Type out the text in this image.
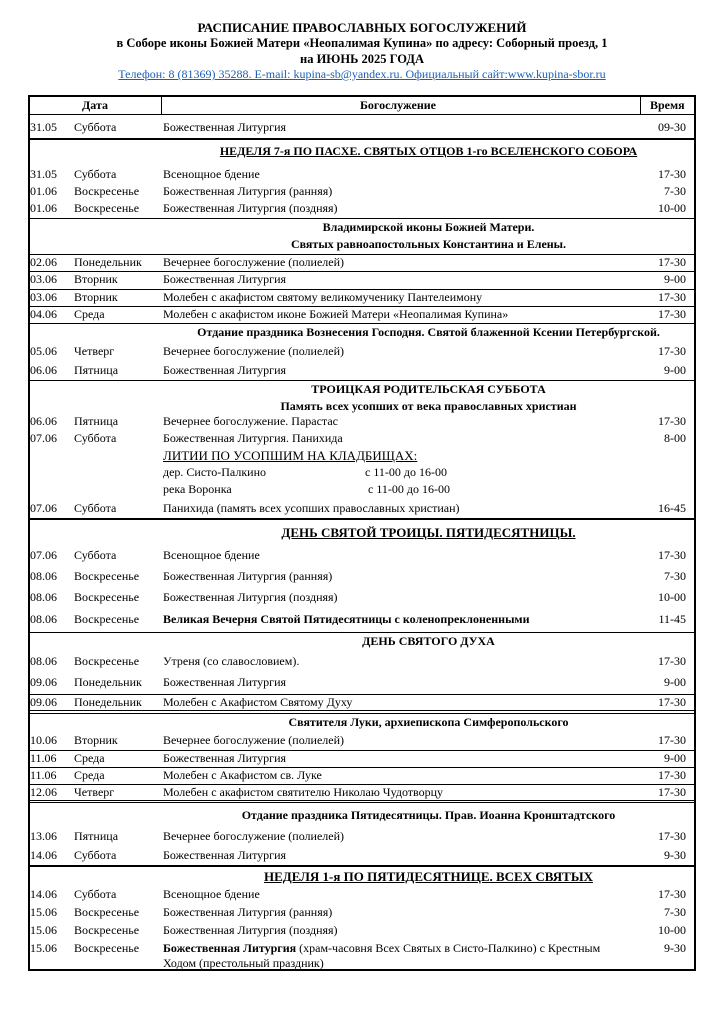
РАСПИСАНИЕ ПРАВОСЛАВНЫХ БОГОСЛУЖЕНИЙ
в Соборе иконы Божией Матери «Неопалимая Купина» по адресу: Соборный проезд, 1
на ИЮНЬ 2025 ГОДА
Телефон: 8 (81369) 35288. E-mail: kupina-sb@yandex.ru. Официальный сайт:www.kupina-sbor.ru
Дата	Богослужение	Время
31.05 Суббота	Божественная Литургия	09-30
НЕДЕЛЯ 7-я ПО ПАСХЕ. СВЯТЫХ ОТЦОВ 1-го ВСЕЛЕНСКОГО СОБОРА
31.05 Суббота	Всенощное бдение	17-30
01.06 Воскресенье Божественная Литургия (ранняя)	7-30
01.06 Воскресенье Божественная Литургия (поздняя)	10-00
Владимирской иконы Божией Матери.
Святых равноапостольных Константина и Елены.
02.06 Понедельник Вечернее богослужение (полиелей)	17-30
03.06 Вторник	Божественная Литургия	9-00
03.06 Вторник	Молебен с акафистом святому великомученику Пантелеимону	17-30
04.06 Среда	Молебен с акафистом иконе Божией Матери «Неопалимая Купина»	17-30
Отдание праздника Вознесения Господня. Святой блаженной Ксении Петербургской.
05.06 Четверг	Вечернее богослужение (полиелей)	17-30
06.06 Пятница	Божественная Литургия	9-00
ТРОИЦКАЯ РОДИТЕЛЬСКАЯ СУББОТА
Память всех усопших от века православных христиан
06.06 Пятница	Вечернее богослужение. Парастас	17-30
07.06 Суббота	Божественная Литургия. Панихида	8-00
ЛИТИИ ПО УСОПШИМ НА КЛАДБИЩАХ:
дер. Систо-Палкино	с 11-00 до 16-00
река Воронка	с 11-00 до 16-00
07.06 Суббота	Панихида (память всех усопших православных христиан)	16-45
ДЕНЬ СВЯТОЙ ТРОИЦЫ. ПЯТИДЕСЯТНИЦЫ.
07.06 Суббота	Всенощное бдение	17-30
08.06 Воскресенье Божественная Литургия (ранняя)	7-30
08.06 Воскресенье Божественная Литургия (поздняя)	10-00
08.06 Воскресенье Великая Вечерня Святой Пятидесятницы с коленопреклоненными	11-45
ДЕНЬ СВЯТОГО ДУХА
08.06 Воскресенье Утреня (со славословием).	17-30
09.06 Понедельник Божественная Литургия	9-00
09.06 Понедельник Молебен с Акафистом Святому Духу	17-30
Святителя Луки, архиепископа Симферопольского
10.06 Вторник	Вечернее богослужение (полиелей)	17-30
11.06 Среда	Божественная Литургия	9-00
11.06 Среда	Молебен с Акафистом св. Луке	17-30
12.06 Четверг	Молебен с акафистом святителю Николаю Чудотворцу	17-30
Отдание праздника Пятидесятницы. Прав. Иоанна Кронштадтского
13.06 Пятница	Вечернее богослужение (полиелей)	17-30
14.06 Суббота	Божественная Литургия	9-30
НЕДЕЛЯ 1-я ПО ПЯТИДЕСЯТНИЦЕ. ВСЕХ СВЯТЫХ
14.06 Суббота	Всенощное бдение	17-30
15.06 Воскресенье Божественная Литургия (ранняя)	7-30
15.06 Воскресенье Божественная Литургия (поздняя)	10-00
15.06 Воскресенье Божественная Литургия (храм-часовня Всех Святых в Систо-Палкино) с Крестным	9-30
Ходом (престольный праздник)
